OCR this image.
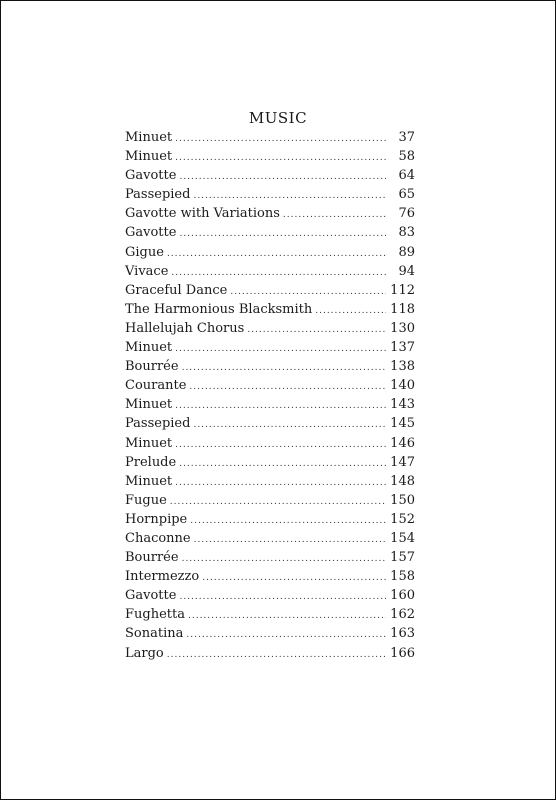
MUSIC
Minuet .....	37
Minuet .....	58
Gavotte .....	64
Passepied .....	65
Gavotte with Variations .....	76
Gavotte .....	83
Gigue .....	89
Vivace .....	94
Graceful Dance .....	112
The Harmonious Blacksmith .....	118
Hallelujah Chorus .....	130
Minuet .....	137
Bourrée .....	138
Courante .....	140
Minuet .....	143
Passepied .....	145
Minuet .....	146
Prelude .....	147
Minuet .....	148
Fugue .....	150
Hornpipe .....	152
Chaconne .....	154
Bourrée .....	157
Intermezzo .....	158
Gavotte .....	160
Fughetta .....	162
Sonatina .....	163
Largo .....	166
